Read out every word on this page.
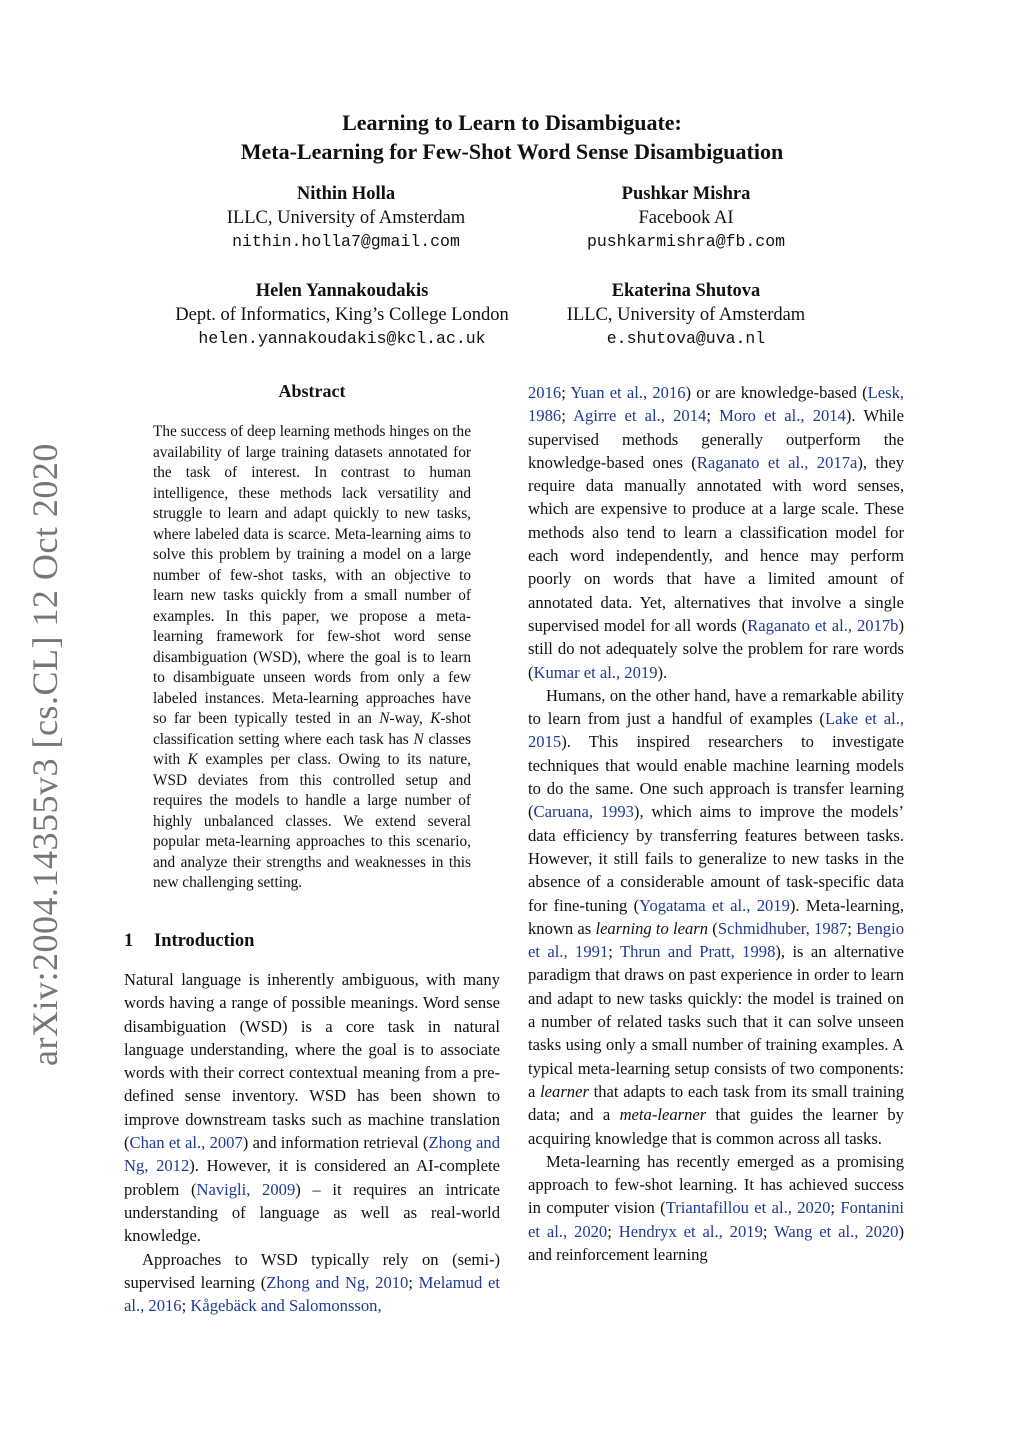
arXiv:2004.14355v3 [cs.CL] 12 Oct 2020
Learning to Learn to Disambiguate:
Meta-Learning for Few-Shot Word Sense Disambiguation
Nithin Holla
ILLC, University of Amsterdam
nithin.holla7@gmail.com
Pushkar Mishra
Facebook AI
pushkarmishra@fb.com
Helen Yannakoudakis
Dept. of Informatics, King’s College London
helen.yannakoudakis@kcl.ac.uk
Ekaterina Shutova
ILLC, University of Amsterdam
e.shutova@uva.nl
Abstract
The success of deep learning methods hinges on the availability of large training datasets annotated for the task of interest. In contrast to human intelligence, these methods lack versatility and struggle to learn and adapt quickly to new tasks, where labeled data is scarce. Meta-learning aims to solve this problem by training a model on a large number of few-shot tasks, with an objective to learn new tasks quickly from a small number of examples. In this paper, we propose a meta-learning framework for few-shot word sense disambiguation (WSD), where the goal is to learn to disambiguate unseen words from only a few labeled instances. Meta-learning approaches have so far been typically tested in an N-way, K-shot classification setting where each task has N classes with K examples per class. Owing to its nature, WSD deviates from this controlled setup and requires the models to handle a large number of highly unbalanced classes. We extend several popular meta-learning approaches to this scenario, and analyze their strengths and weaknesses in this new challenging setting.
1 Introduction

Natural language is inherently ambiguous, with many words having a range of possible meanings. Word sense disambiguation (WSD) is a core task in natural language understanding, where the goal is to associate words with their correct contextual meaning from a pre-defined sense inventory. WSD has been shown to improve downstream tasks such as machine translation (Chan et al., 2007) and information retrieval (Zhong and Ng, 2012). However, it is considered an AI-complete problem (Navigli, 2009) – it requires an intricate understanding of language as well as real-world knowledge.

Approaches to WSD typically rely on (semi-) supervised learning (Zhong and Ng, 2010; Melamud et al., 2016; Kågebäck and Salomonsson,

2016; Yuan et al., 2016) or are knowledge-based (Lesk, 1986; Agirre et al., 2014; Moro et al., 2014). While supervised methods generally outperform the knowledge-based ones (Raganato et al., 2017a), they require data manually annotated with word senses, which are expensive to produce at a large scale. These methods also tend to learn a classification model for each word independently, and hence may perform poorly on words that have a limited amount of annotated data. Yet, alternatives that involve a single supervised model for all words (Raganato et al., 2017b) still do not adequately solve the problem for rare words (Kumar et al., 2019).

Humans, on the other hand, have a remarkable ability to learn from just a handful of examples (Lake et al., 2015). This inspired researchers to investigate techniques that would enable machine learning models to do the same. One such approach is transfer learning (Caruana, 1993), which aims to improve the models’ data efficiency by transferring features between tasks. However, it still fails to generalize to new tasks in the absence of a considerable amount of task-specific data for fine-tuning (Yogatama et al., 2019). Meta-learning, known as learning to learn (Schmidhuber, 1987; Bengio et al., 1991; Thrun and Pratt, 1998), is an alternative paradigm that draws on past experience in order to learn and adapt to new tasks quickly: the model is trained on a number of related tasks such that it can solve unseen tasks using only a small number of training examples. A typical meta-learning setup consists of two components: a learner that adapts to each task from its small training data; and a meta-learner that guides the learner by acquiring knowledge that is common across all tasks.

Meta-learning has recently emerged as a promising approach to few-shot learning. It has achieved success in computer vision (Triantafillou et al., 2020; Fontanini et al., 2020; Hendryx et al., 2019; Wang et al., 2020) and reinforcement learning
